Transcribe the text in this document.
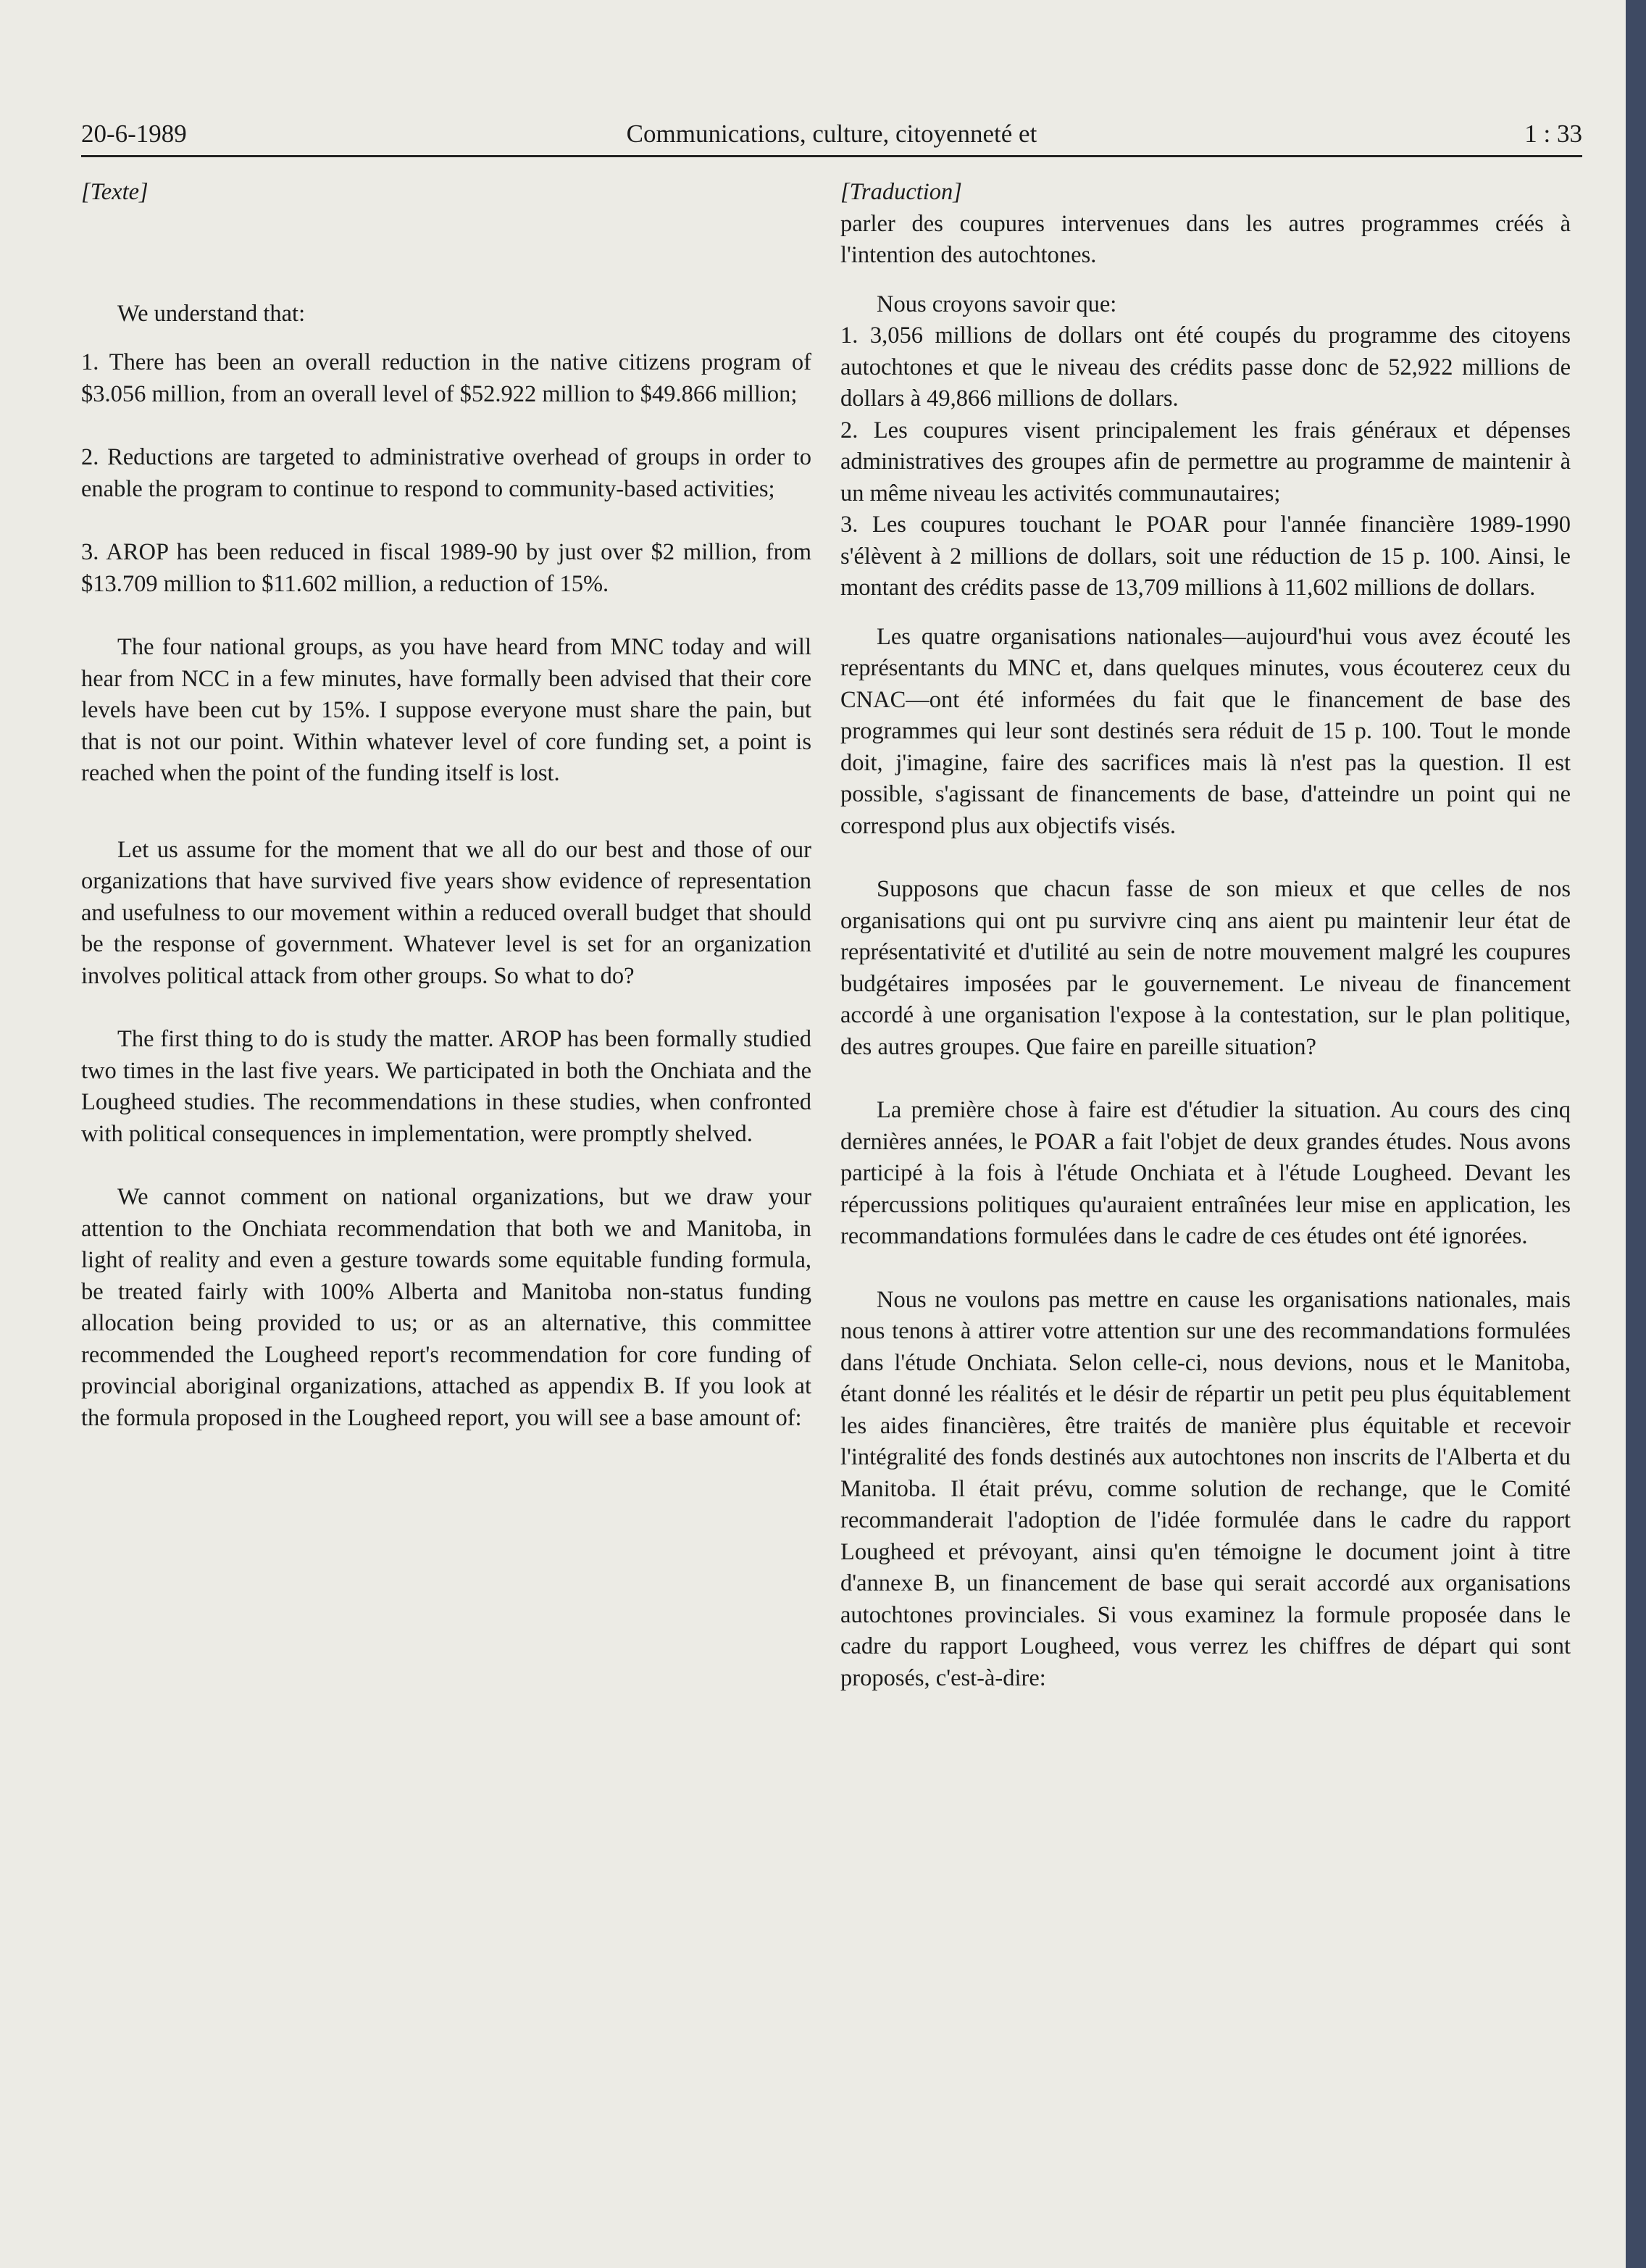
20-6-1989	Communications, culture, citoyenneté et	1 : 33

[Texte]

We understand that:

1. There has been an overall reduction in the native citizens program of $3.056 million, from an overall level of $52.922 million to $49.866 million;

2. Reductions are targeted to administrative overhead of groups in order to enable the program to continue to respond to community-based activities;

3. AROP has been reduced in fiscal 1989-90 by just over $2 million, from $13.709 million to $11.602 million, a reduction of 15%.

The four national groups, as you have heard from MNC today and will hear from NCC in a few minutes, have formally been advised that their core levels have been cut by 15%. I suppose everyone must share the pain, but that is not our point. Within whatever level of core funding set, a point is reached when the point of the funding itself is lost.

Let us assume for the moment that we all do our best and those of our organizations that have survived five years show evidence of representation and usefulness to our movement within a reduced overall budget that should be the response of government. Whatever level is set for an organization involves political attack from other groups. So what to do?

The first thing to do is study the matter. AROP has been formally studied two times in the last five years. We participated in both the Onchiata and the Lougheed studies. The recommendations in these studies, when confronted with political consequences in implementation, were promptly shelved.

We cannot comment on national organizations, but we draw your attention to the Onchiata recommendation that both we and Manitoba, in light of reality and even a gesture towards some equitable funding formula, be treated fairly with 100% Alberta and Manitoba non-status funding allocation being provided to us; or as an alternative, this committee recommended the Lougheed report's recommendation for core funding of provincial aboriginal organizations, attached as appendix B. If you look at the formula proposed in the Lougheed report, you will see a base amount of:

[Traduction]

parler des coupures intervenues dans les autres programmes créés à l'intention des autochtones.

Nous croyons savoir que:

1. 3,056 millions de dollars ont été coupés du programme des citoyens autochtones et que le niveau des crédits passe donc de 52,922 millions de dollars à 49,866 millions de dollars.

2. Les coupures visent principalement les frais généraux et dépenses administratives des groupes afin de permettre au programme de maintenir à un même niveau les activités communautaires;

3. Les coupures touchant le POAR pour l'année financière 1989-1990 s'élèvent à 2 millions de dollars, soit une réduction de 15 p. 100. Ainsi, le montant des crédits passe de 13,709 millions à 11,602 millions de dollars.

Les quatre organisations nationales—aujourd'hui vous avez écouté les représentants du MNC et, dans quelques minutes, vous écouterez ceux du CNAC—ont été informées du fait que le financement de base des programmes qui leur sont destinés sera réduit de 15 p. 100. Tout le monde doit, j'imagine, faire des sacrifices mais là n'est pas la question. Il est possible, s'agissant de financements de base, d'atteindre un point qui ne correspond plus aux objectifs visés.

Supposons que chacun fasse de son mieux et que celles de nos organisations qui ont pu survivre cinq ans aient pu maintenir leur état de représentativité et d'utilité au sein de notre mouvement malgré les coupures budgétaires imposées par le gouvernement. Le niveau de financement accordé à une organisation l'expose à la contestation, sur le plan politique, des autres groupes. Que faire en pareille situation?

La première chose à faire est d'étudier la situation. Au cours des cinq dernières années, le POAR a fait l'objet de deux grandes études. Nous avons participé à la fois à l'étude Onchiata et à l'étude Lougheed. Devant les répercussions politiques qu'auraient entraînées leur mise en application, les recommandations formulées dans le cadre de ces études ont été ignorées.

Nous ne voulons pas mettre en cause les organisations nationales, mais nous tenons à attirer votre attention sur une des recommandations formulées dans l'étude Onchiata. Selon celle-ci, nous devions, nous et le Manitoba, étant donné les réalités et le désir de répartir un petit peu plus équitablement les aides financières, être traités de manière plus équitable et recevoir l'intégralité des fonds destinés aux autochtones non inscrits de l'Alberta et du Manitoba. Il était prévu, comme solution de rechange, que le Comité recommanderait l'adoption de l'idée formulée dans le cadre du rapport Lougheed et prévoyant, ainsi qu'en témoigne le document joint à titre d'annexe B, un financement de base qui serait accordé aux organisations autochtones provinciales. Si vous examinez la formule proposée dans le cadre du rapport Lougheed, vous verrez les chiffres de départ qui sont proposés, c'est-à-dire:
